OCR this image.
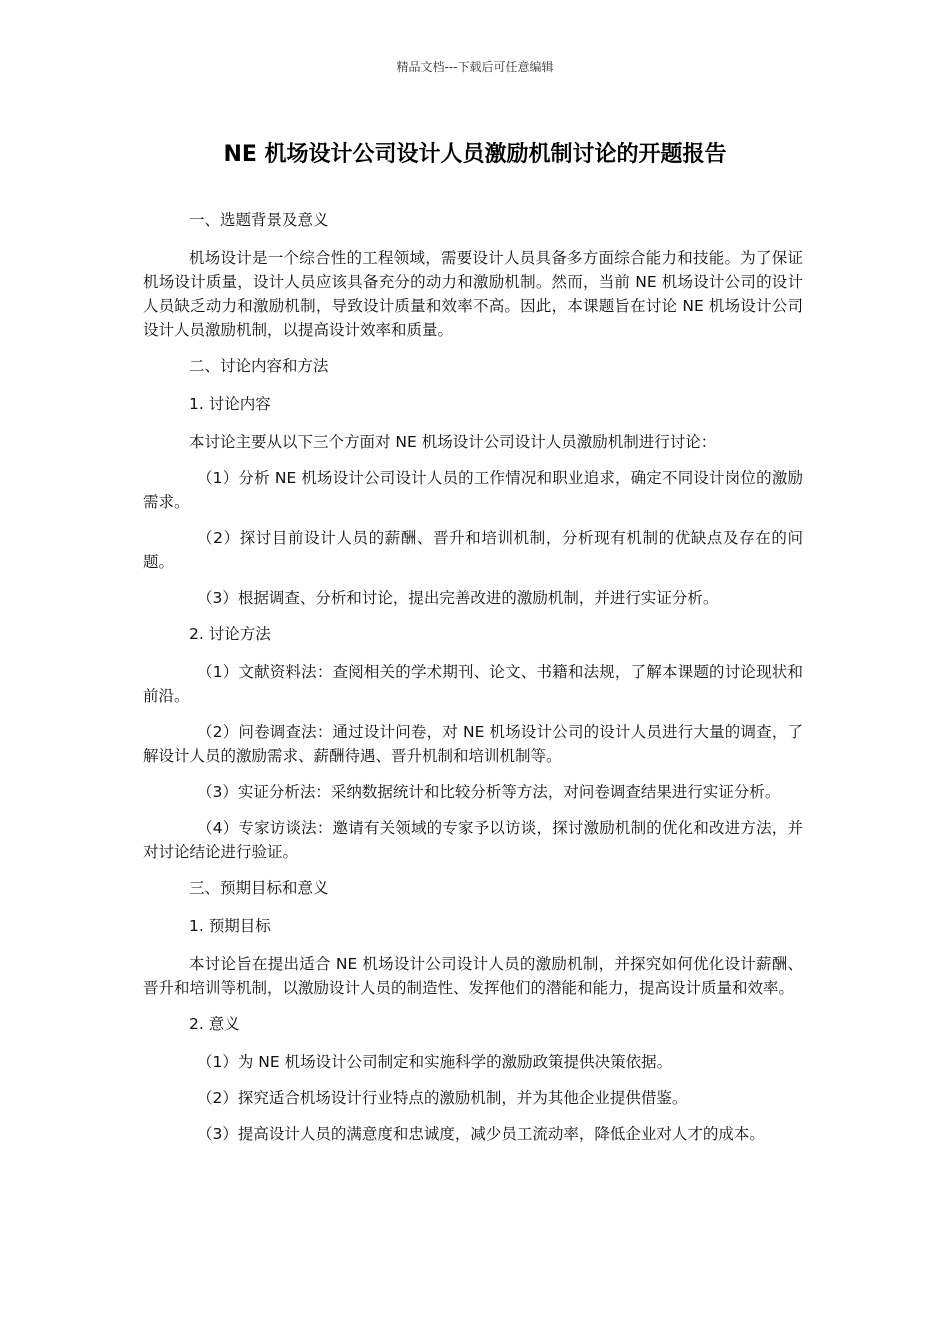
精品文档---下载后可任意编辑
NE 机场设计公司设计人员激励机制讨论的开题报告

一、选题背景及意义

机场设计是一个综合性的工程领域，需要设计人员具备多方面综合能力和技能。为了保证机场设计质量，设计人员应该具备充分的动力和激励机制。然而，当前 NE 机场设计公司的设计人员缺乏动力和激励机制，导致设计质量和效率不高。因此，本课题旨在讨论 NE 机场设计公司设计人员激励机制，以提高设计效率和质量。

二、讨论内容和方法

1. 讨论内容

本讨论主要从以下三个方面对 NE 机场设计公司设计人员激励机制进行讨论：

（1）分析 NE 机场设计公司设计人员的工作情况和职业追求，确定不同设计岗位的激励需求。

（2）探讨目前设计人员的薪酬、晋升和培训机制，分析现有机制的优缺点及存在的问题。

（3）根据调查、分析和讨论，提出完善改进的激励机制，并进行实证分析。

2. 讨论方法

（1）文献资料法：查阅相关的学术期刊、论文、书籍和法规，了解本课题的讨论现状和前沿。

（2）问卷调查法：通过设计问卷，对 NE 机场设计公司的设计人员进行大量的调查，了解设计人员的激励需求、薪酬待遇、晋升机制和培训机制等。

（3）实证分析法：采纳数据统计和比较分析等方法，对问卷调查结果进行实证分析。

（4）专家访谈法：邀请有关领域的专家予以访谈，探讨激励机制的优化和改进方法，并对讨论结论进行验证。

三、预期目标和意义

1. 预期目标

本讨论旨在提出适合 NE 机场设计公司设计人员的激励机制，并探究如何优化设计薪酬、晋升和培训等机制，以激励设计人员的制造性、发挥他们的潜能和能力，提高设计质量和效率。

2. 意义

（1）为 NE 机场设计公司制定和实施科学的激励政策提供决策依据。

（2）探究适合机场设计行业特点的激励机制，并为其他企业提供借鉴。

（3）提高设计人员的满意度和忠诚度，减少员工流动率，降低企业对人才的成本。
